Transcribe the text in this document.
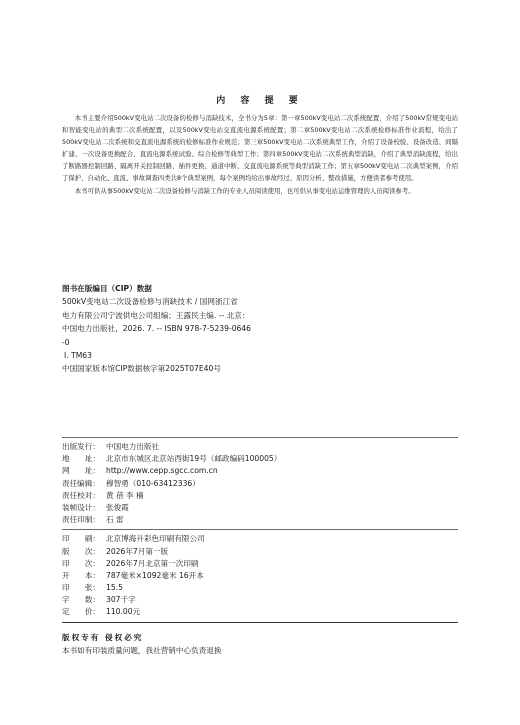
内 容 提 要

本书主要介绍500kV变电站二次设备的检修与消缺技术，全书分为5章：第一章500kV变电站二次系统配置，介绍了500kV常规变电站和智能变电站的典型二次系统配置，以及500kV变电站交直流电源系统配置；第二章500kV变电站二次系统检修标准作业流程，给出了500kV变电站二次系统和交直流电源系统的检修标准作业规范；第三章500kV变电站二次系统典型工作，介绍了设备校验、设备改造、间隔扩建、一次设备更换配合、直流电源系统试验、综合检修等典型工作；第四章500kV变电站二次系统典型消缺，介绍了典型消缺流程，给出了断路器控制回路、隔离开关控制回路、插件更换、通道中断、交直流电源系统等典型消缺工作；第五章500kV变电站二次典型案例，介绍了保护、自动化、直流、事故调查四类共8个典型案例，每个案例均给出事故经过、原因分析、整改措施，方便读者参考使用。

本书可供从事500kV变电站二次设备检修与消缺工作的专业人员阅读使用，也可供从事变电站运维管理的人员阅读参考。

图书在版编目（CIP）数据
500kV变电站二次设备检修与消缺技术 / 国网浙江省
电力有限公司宁波供电公司组编；王露民主编. -- 北京：
中国电力出版社，2026. 7. -- ISBN 978-7-5239-0646
-0
Ⅰ. TM63
中国国家版本馆CIP数据核字第2025T07E40号
出版发行： 中国电力出版社
地 址： 北京市东城区北京站西街19号（邮政编码100005）
网 址： http://www.cepp.sgcc.com.cn
责任编辑： 穆智勇（010-63412336）
责任校对： 黄 蓓 李 楠
装帧设计： 张俊霞
责任印制： 石 雷
印 刷： 北京博海升彩色印刷有限公司
版 次： 2026年7月第一版
印 次： 2026年7月北京第一次印刷
开 本： 787毫米×1092毫米 16开本
印 张： 15.5
字 数： 307千字
定 价： 110.00元
版权专有 侵权必究
本书如有印装质量问题，我社营销中心负责退换
